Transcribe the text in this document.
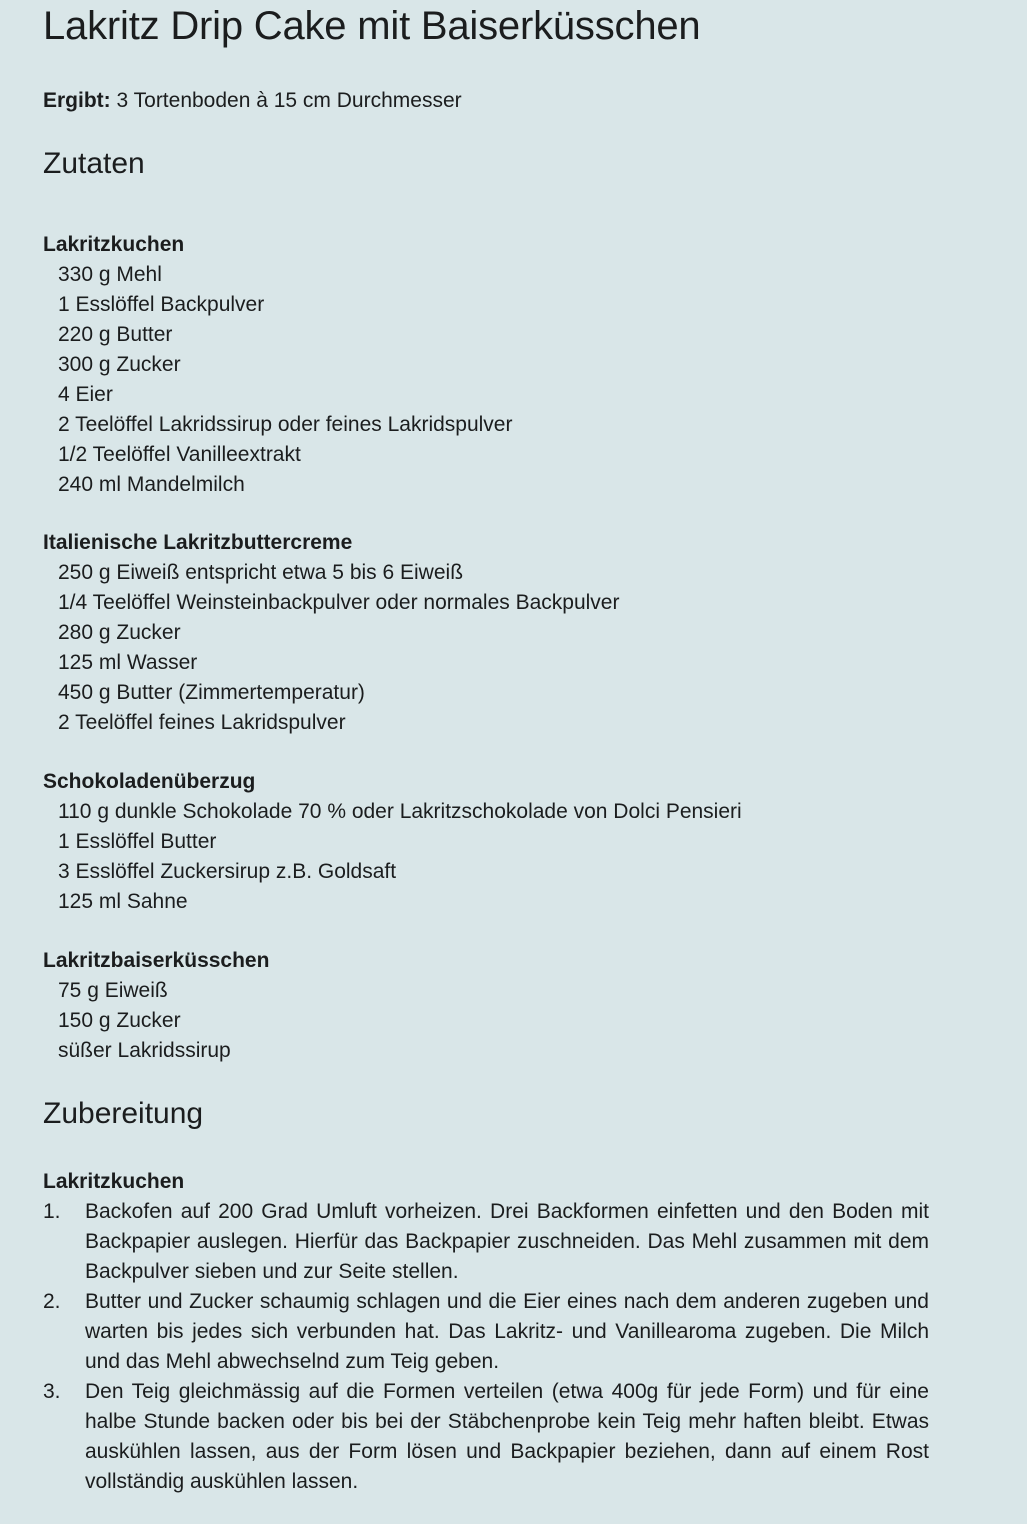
Lakritz Drip Cake mit Baiserküsschen
Ergibt: 3 Tortenboden à 15 cm Durchmesser
Zutaten
Lakritzkuchen
330 g Mehl
1 Esslöffel Backpulver
220 g Butter
300 g Zucker
4 Eier
2 Teelöffel Lakridssirup oder feines Lakridspulver
1/2 Teelöffel Vanilleextrakt
240 ml Mandelmilch
Italienische Lakritzbuttercreme
250 g Eiweiß entspricht etwa 5 bis 6 Eiweiß
1/4 Teelöffel Weinsteinbackpulver oder normales Backpulver
280 g Zucker
125 ml Wasser
450 g Butter (Zimmertemperatur)
2 Teelöffel feines Lakridspulver
Schokoladenüberzug
110 g dunkle Schokolade 70 % oder Lakritzschokolade von Dolci Pensieri
1 Esslöffel Butter
3 Esslöffel Zuckersirup z.B. Goldsaft
125 ml Sahne
Lakritzbaiserküsschen
75 g Eiweiß
150 g Zucker
süßer Lakridssirup
Zubereitung
Lakritzkuchen
1. Backofen auf 200 Grad Umluft vorheizen. Drei Backformen einfetten und den Boden mit Backpapier auslegen. Hierfür das Backpapier zuschneiden. Das Mehl zusammen mit dem Backpulver sieben und zur Seite stellen.
2. Butter und Zucker schaumig schlagen und die Eier eines nach dem anderen zugeben und warten bis jedes sich verbunden hat. Das Lakritz- und Vanillearoma zugeben. Die Milch und das Mehl abwechselnd zum Teig geben.
3. Den Teig gleichmässig auf die Formen verteilen (etwa 400g für jede Form) und für eine halbe Stunde backen oder bis bei der Stäbchenprobe kein Teig mehr haften bleibt. Etwas auskühlen lassen, aus der Form lösen und Backpapier beziehen, dann auf einem Rost vollständig auskühlen lassen.
